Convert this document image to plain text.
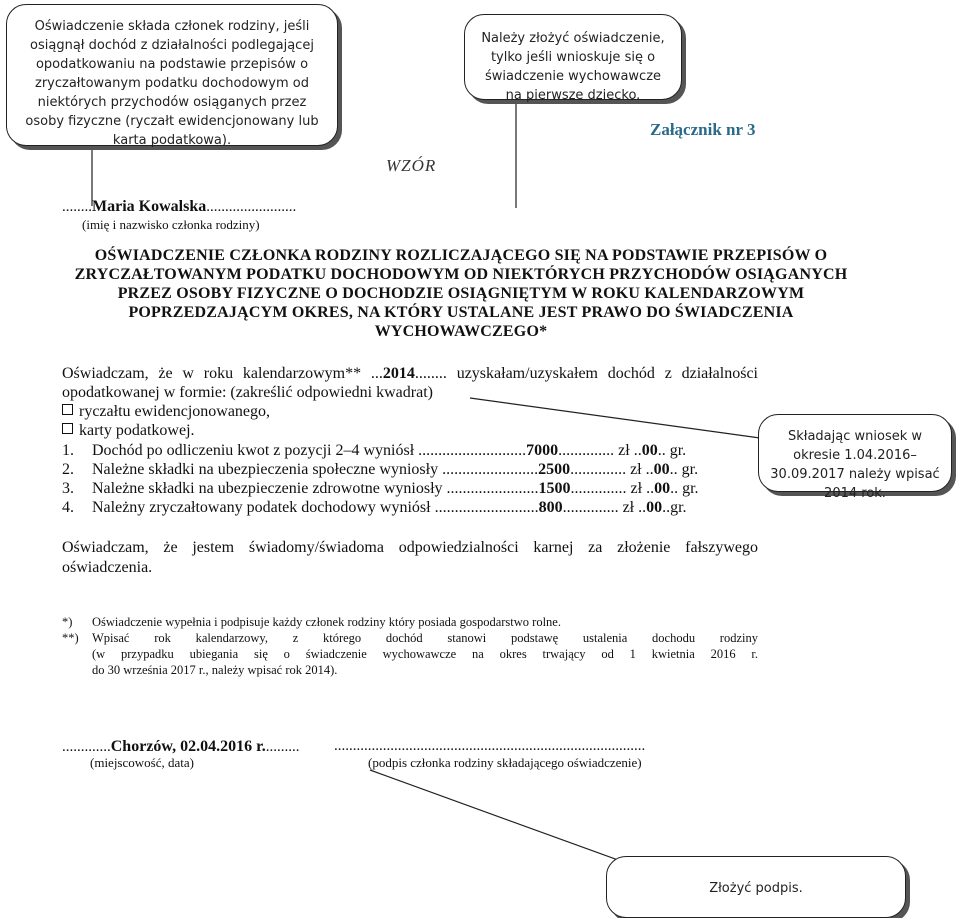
Oświadczenie składa członek rodziny, jeśli osiągnął dochód z działalności podlegającej opodatkowaniu na podstawie przepisów o zryczałtowanym podatku dochodowym od niektórych przychodów osiąganych przez osoby fizyczne (ryczałt ewidencjonowany lub karta podatkowa).
Należy złożyć oświadczenie, tylko jeśli wnioskuje się o świadczenie wychowawcze na pierwsze dziecko.
Składając wniosek w okresie 1.04.2016–30.09.2017 należy wpisać 2014 rok.
Złożyć podpis.
Załącznik nr 3
WZÓR
........Maria Kowalska........................
(imię i nazwisko członka rodziny)
OŚWIADCZENIE CZŁONKA RODZINY ROZLICZAJĄCEGO SIĘ NA PODSTAWIE PRZEPISÓW O ZRYCZAŁTOWANYM PODATKU DOCHODOWYM OD NIEKTÓRYCH PRZYCHODÓW OSIĄGANYCH PRZEZ OSOBY FIZYCZNE O DOCHODZIE OSIĄGNIĘTYM W ROKU KALENDARZOWYM POPRZEDZAJĄCYM OKRES, NA KTÓRY USTALANE JEST PRAWO DO ŚWIADCZENIA WYCHOWAWCZEGO*
Oświadczam, że w roku kalendarzowym** ...2014........ uzyskałam/uzyskałem dochód z działalności
opodatkowanej w formie: (zakreślić odpowiedni kwadrat)
ryczałtu ewidencjonowanego,
karty podatkowej.
1. Dochód po odliczeniu kwot z pozycji 2–4 wyniósł ...........................7000.............. zł ..00.. gr.
2. Należne składki na ubezpieczenia społeczne wyniosły ........................2500.............. zł ..00.. gr.
3. Należne składki na ubezpieczenie zdrowotne wyniosły .......................1500.............. zł ..00.. gr.
4. Należny zryczałtowany podatek dochodowy wyniósł ..........................800.............. zł ..00..gr.
Oświadczam, że jestem świadomy/świadoma odpowiedzialności karnej za złożenie fałszywego
oświadczenia.
*) Oświadczenie wypełnia i podpisuje każdy członek rodziny który posiada gospodarstwo rolne.
**) Wpisać rok kalendarzowy, z którego dochód stanowi podstawę ustalenia dochodu rodziny
(w przypadku ubiegania się o świadczenie wychowawcze na okres trwający od 1 kwietnia 2016 r.
do 30 września 2017 r., należy wpisać rok 2014).
.............Chorzów, 02.04.2016 r..........
(miejscowość, data)
...................................................................................
(podpis członka rodziny składającego oświadczenie)
